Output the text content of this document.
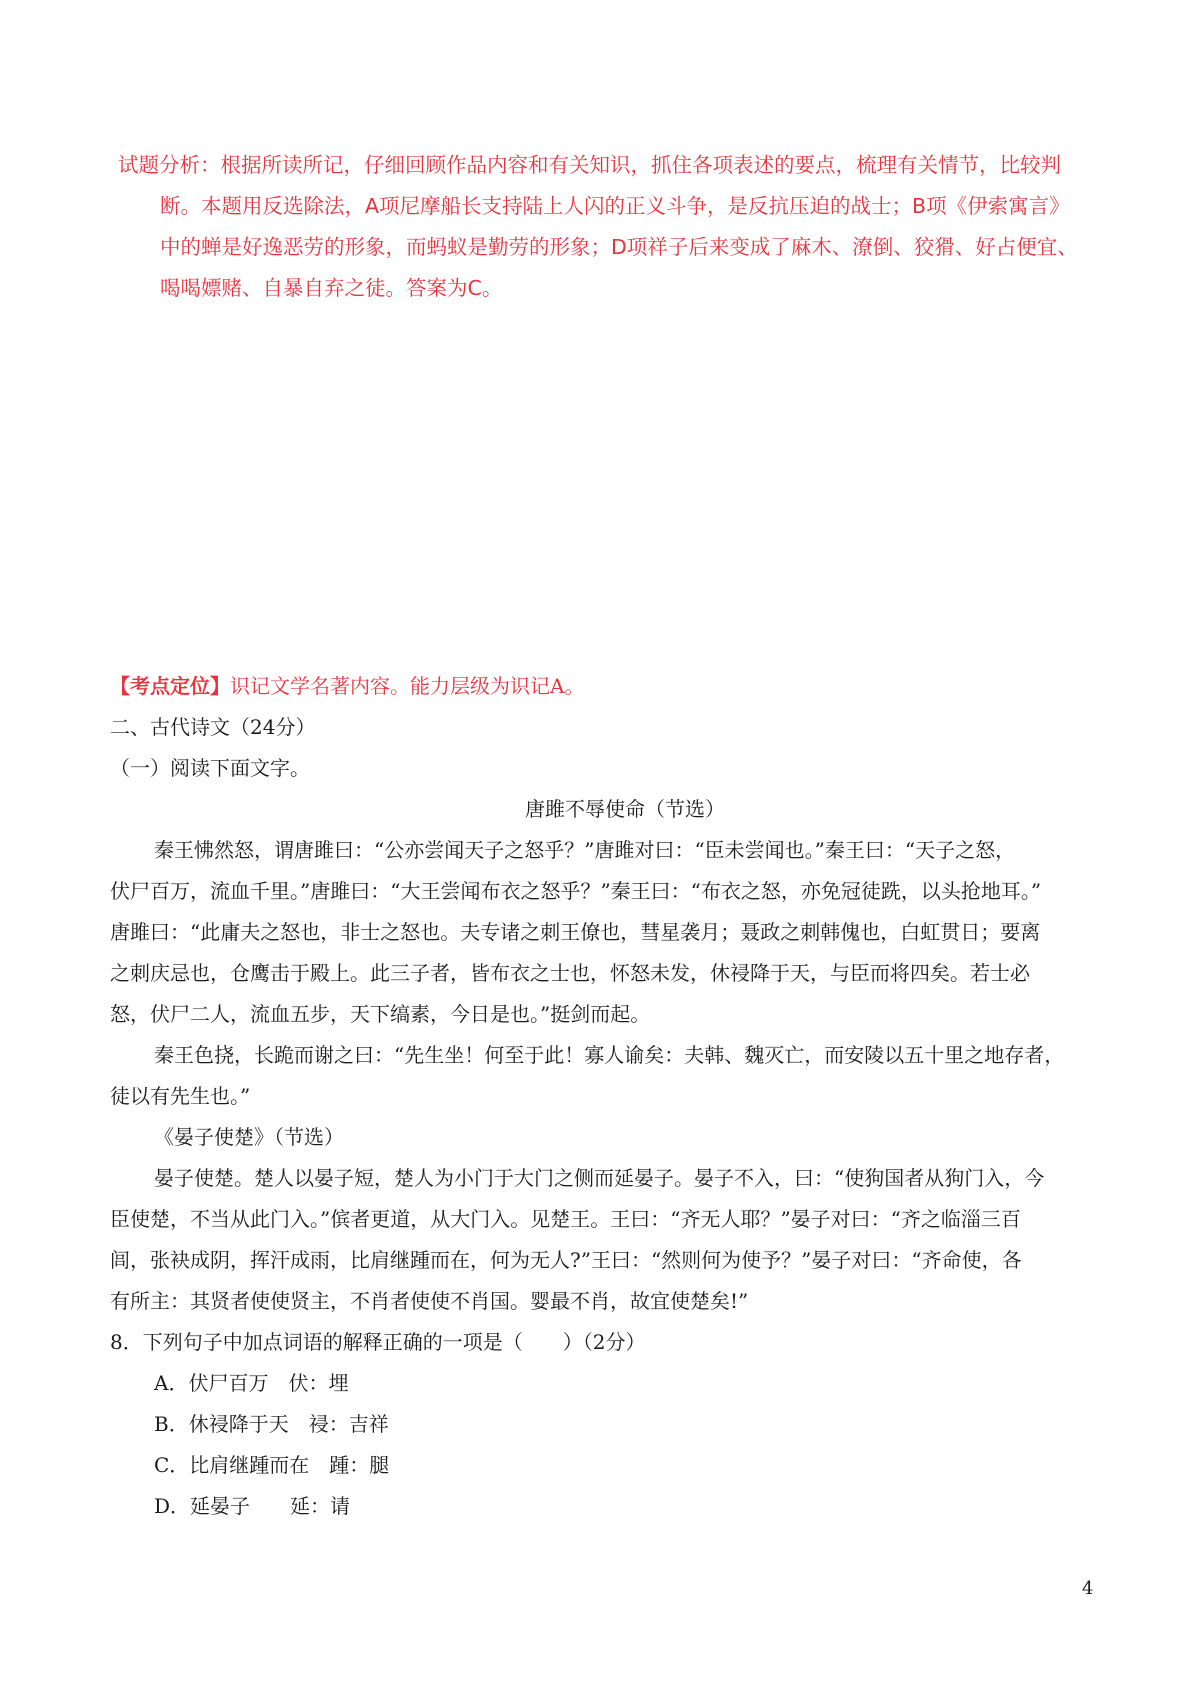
试题分析：根据所读所记，仔细回顾作品内容和有关知识，抓住各项表述的要点，梳理有关情节，比较判
断。本题用反选除法，A项尼摩船长支持陆上人闪的正义斗争，是反抗压迫的战士；B项《伊索寓言》
中的蝉是好逸恶劳的形象，而蚂蚁是勤劳的形象；D项祥子后来变成了麻木、潦倒、狡猾、好占便宜、
喝喝嫖赌、自暴自弃之徒。答案为C。
【考点定位】识记文学名著内容。能力层级为识记A。
二、古代诗文（24分）
（一）阅读下面文字。
唐雎不辱使命（节选）
秦王怫然怒，谓唐雎曰：“公亦尝闻天子之怒乎？”唐雎对曰：“臣未尝闻也。”秦王曰：“天子之怒，
伏尸百万，流血千里。”唐雎曰：“大王尝闻布衣之怒乎？”秦王曰：“布衣之怒，亦免冠徒跣，以头抢地耳。”
唐雎曰：“此庸夫之怒也，非士之怒也。夫专诸之刺王僚也，彗星袭月；聂政之刺韩傀也，白虹贯日；要离
之刺庆忌也，仓鹰击于殿上。此三子者，皆布衣之士也，怀怒未发，休祲降于天，与臣而将四矣。若士必
怒，伏尸二人，流血五步，天下缟素，今日是也。”挺剑而起。
秦王色挠，长跪而谢之曰：“先生坐！何至于此！寡人谕矣：夫韩、魏灭亡，而安陵以五十里之地存者，
徒以有先生也。”
《晏子使楚》（节选）
晏子使楚。楚人以晏子短，楚人为小门于大门之侧而延晏子。晏子不入，曰：“使狗国者从狗门入，今
臣使楚，不当从此门入。”傧者更道，从大门入。见楚王。王曰：“齐无人耶？”晏子对曰：“齐之临淄三百
闾，张袂成阴，挥汗成雨，比肩继踵而在，何为无人?”王曰：“然则何为使予？”晏子对曰：“齐命使，各
有所主：其贤者使使贤主，不肖者使使不肖国。婴最不肖，故宜使楚矣!”
8．下列句子中加点词语的解释正确的一项是（　　）（2分）
A．伏尸百万　伏：埋
B．休祲降于天　祲：吉祥
C．比肩继踵而在　踵：腿
D．延晏子　　延：请
4
